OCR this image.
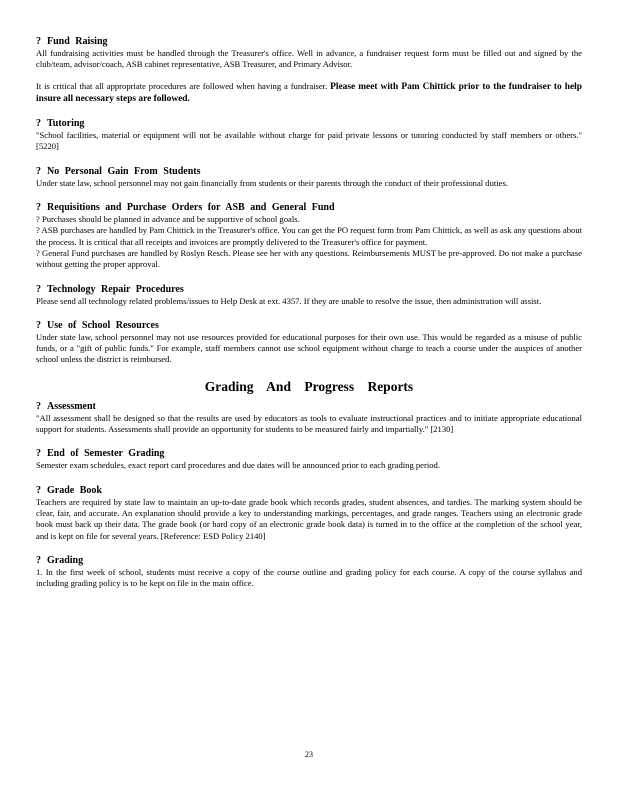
? Fund Raising

All fundraising activities must be handled through the Treasurer's office. Well in advance, a fundraiser request form must be filled out and signed by the club/team, advisor/coach, ASB cabinet representative, ASB Treasurer, and Primary Advisor.

It is critical that all appropriate procedures are followed when having a fundraiser. Please meet with Pam Chittick prior to the fundraiser to help insure all necessary steps are followed.

? Tutoring

"School facilities, material or equipment will not be available without charge for paid private lessons or tutoring conducted by staff members or others." [5220]

? No Personal Gain From Students

Under state law, school personnel may not gain financially from students or their parents through the conduct of their professional duties.

? Requisitions and Purchase Orders for ASB and General Fund

? Purchases should be planned in advance and be supportive of school goals.

? ASB purchases are handled by Pam Chittick in the Treasurer's office. You can get the PO request form from Pam Chittick, as well as ask any questions about the process. It is critical that all receipts and invoices are promptly delivered to the Treasurer's office for payment.

? General Fund purchases are handled by Roslyn Resch. Please see her with any questions. Reimbursements MUST be pre-approved. Do not make a purchase without getting the proper approval.

? Technology Repair Procedures

Please send all technology related problems/issues to Help Desk at ext. 4357. If they are unable to resolve the issue, then administration will assist.

? Use of School Resources

Under state law, school personnel may not use resources provided for educational purposes for their own use. This would be regarded as a misuse of public funds, or a "gift of public funds." For example, staff members cannot use school equipment without charge to teach a course under the auspices of another school unless the district is reimbursed.

Grading And Progress Reports
? Assessment

"All assessment shall be designed so that the results are used by educators as tools to evaluate instructional practices and to initiate appropriate educational support for students. Assessments shall provide an opportunity for students to be measured fairly and impartially." [2130]

? End of Semester Grading

Semester exam schedules, exact report card procedures and due dates will be announced prior to each grading period.

? Grade Book

Teachers are required by state law to maintain an up-to-date grade book which records grades, student absences, and tardies. The marking system should be clear, fair, and accurate. An explanation should provide a key to understanding markings, percentages, and grade ranges. Teachers using an electronic grade book must back up their data. The grade book (or hard copy of an electronic grade book data) is turned in to the office at the completion of the school year, and is kept on file for several years. [Reference: ESD Policy 2140]

? Grading

1. In the first week of school, students must receive a copy of the course outline and grading policy for each course. A copy of the course syllabus and including grading policy is to be kept on file in the main office.

23
